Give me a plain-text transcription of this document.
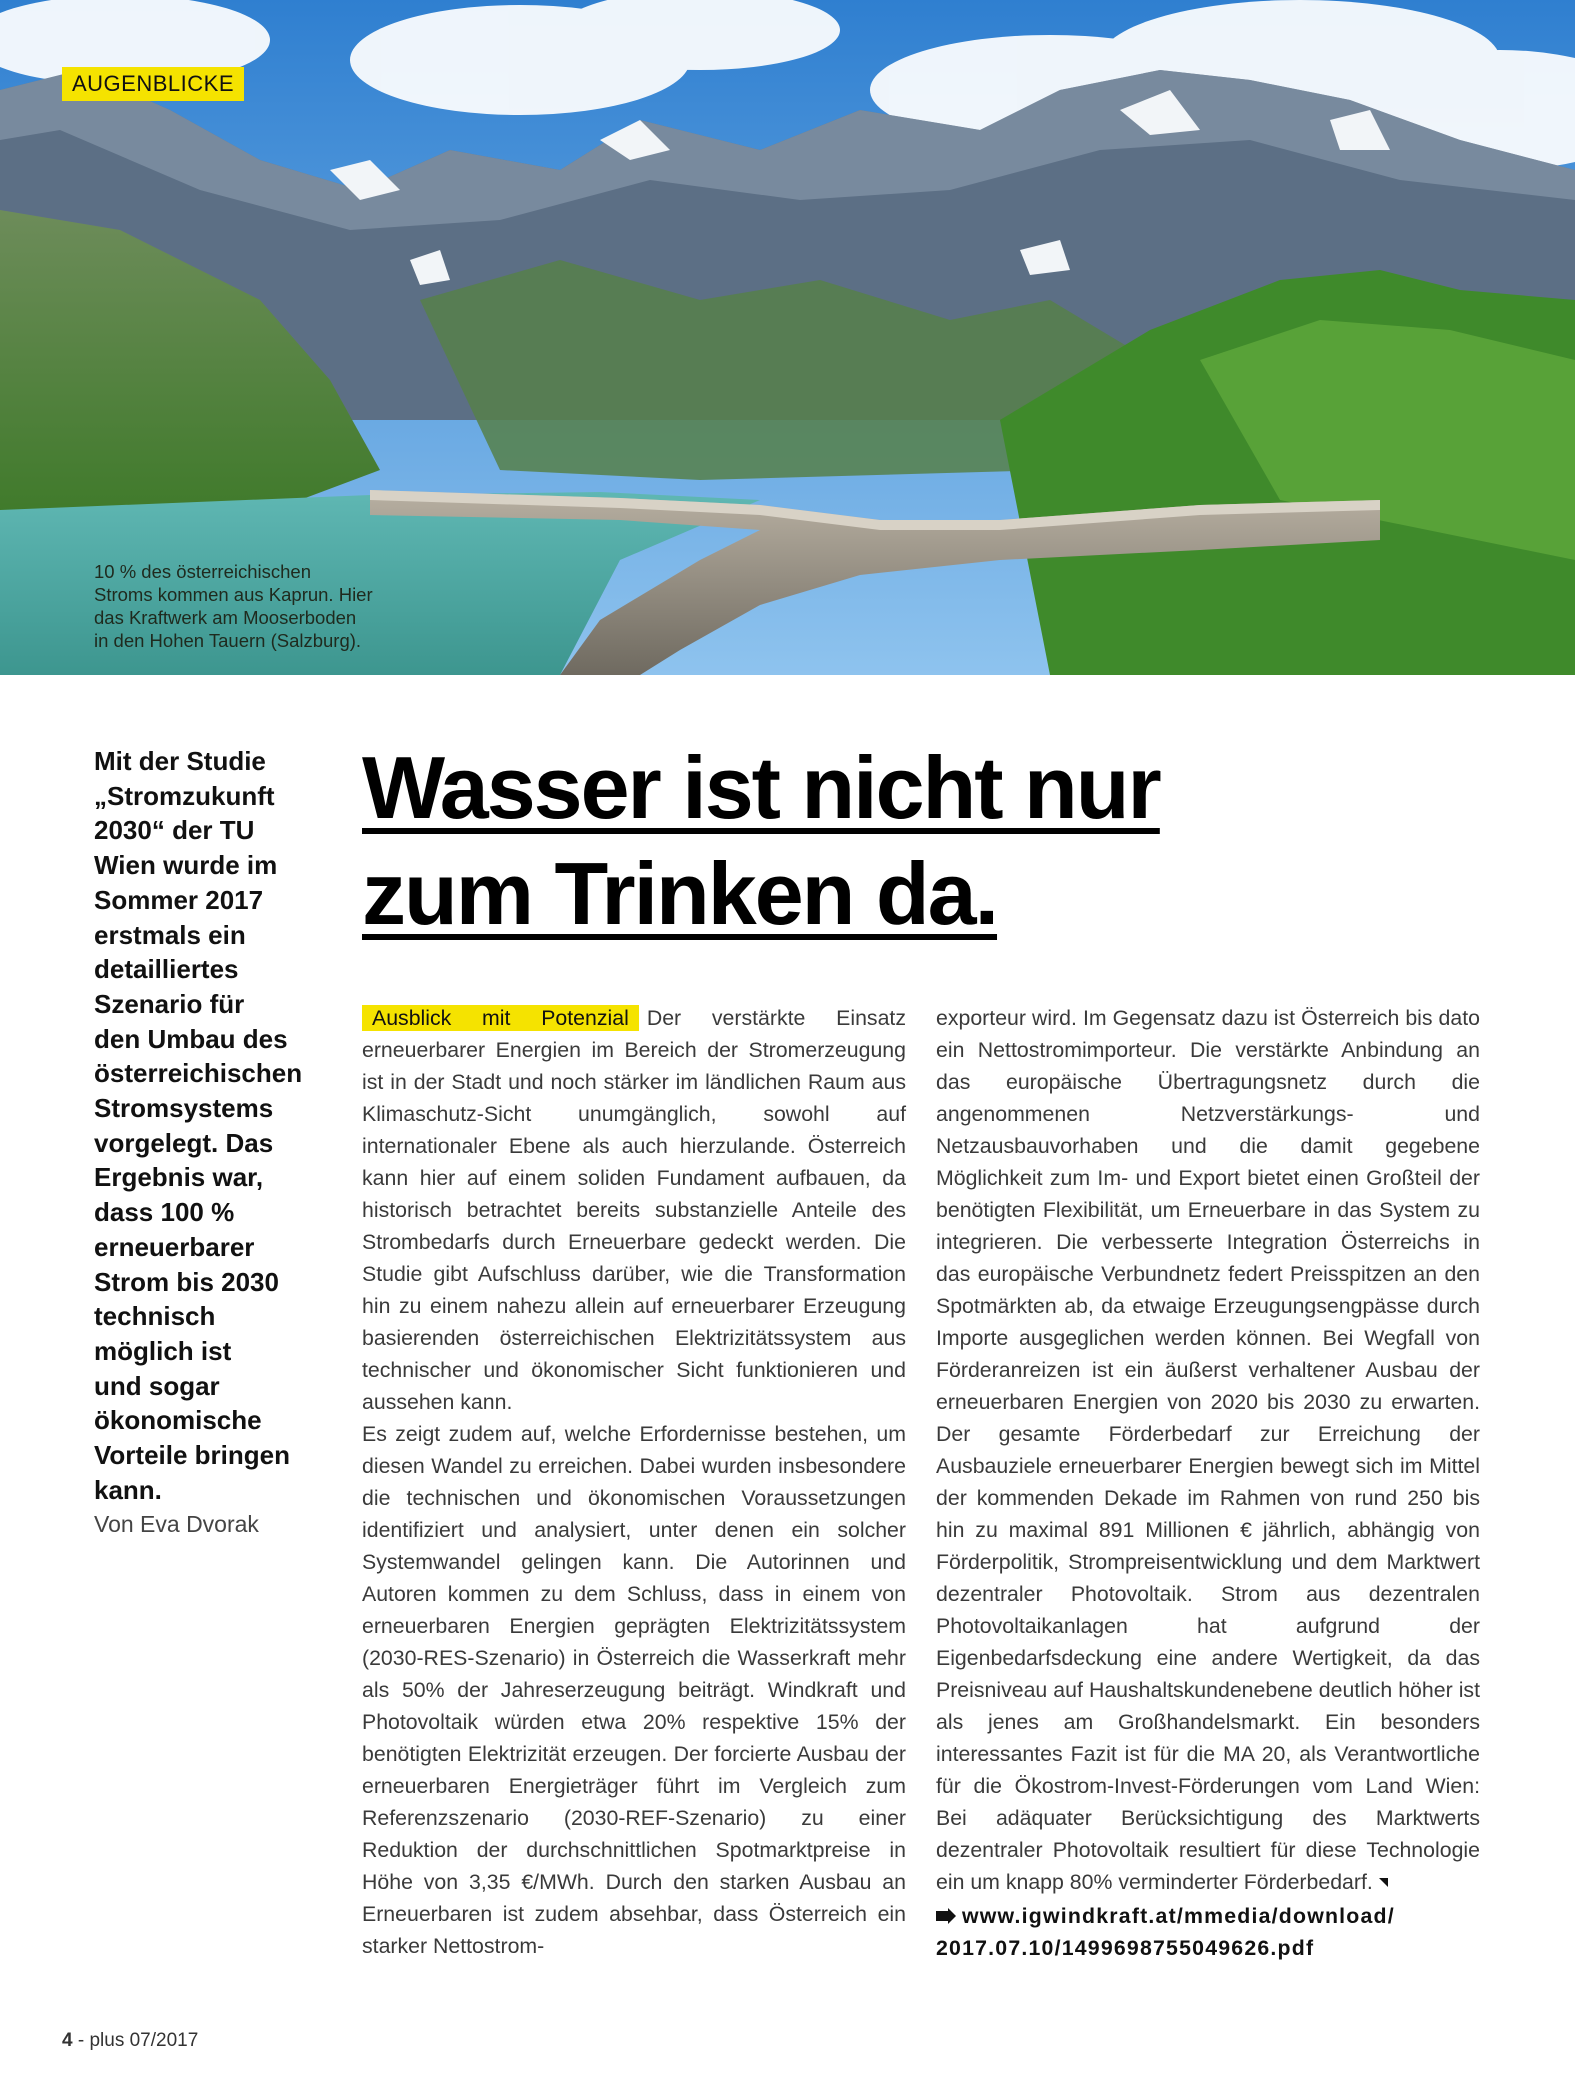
AUGENBLICKE
10 % des österreichischen
Stroms kommen aus Kaprun. Hier
das Kraftwerk am Mooserboden
in den Hohen Tauern (Salzburg).

Mit der Studie
„Stromzukunft
2030“ der TU
Wien wurde im
Sommer 2017
erstmals ein
detailliertes
Szenario für
den Umbau des
österreichischen
Stromsystems
vorgelegt. Das
Ergebnis war,
dass 100 %
erneuerbarer
Strom bis 2030
technisch
möglich ist
und sogar
ökonomische
Vorteile bringen
kann.

Von Eva Dvorak
Wasser ist nicht nur
zum Trinken da.

Ausblick mit Potenzial Der verstärkte Einsatz erneuerbarer Energien im Bereich der Stromerzeugung ist in der Stadt und noch stärker im ländlichen Raum aus Klimaschutz-Sicht unumgänglich, sowohl auf internationaler Ebene als auch hierzulande. Österreich kann hier auf einem soliden Fundament aufbauen, da historisch betrachtet bereits substanzielle Anteile des Strombedarfs durch Erneuerbare gedeckt werden. Die Studie gibt Aufschluss darüber, wie die Transformation hin zu einem nahezu allein auf erneuerbarer Erzeugung basierenden österreichischen Elektrizitätssystem aus technischer und ökonomischer Sicht funktionieren und aussehen kann.

Es zeigt zudem auf, welche Erfordernisse bestehen, um diesen Wandel zu erreichen. Dabei wurden insbesondere die technischen und ökonomischen Voraussetzungen identifiziert und analysiert, unter denen ein solcher Systemwandel gelingen kann. Die Autorinnen und Autoren kommen zu dem Schluss, dass in einem von erneuerbaren Energien geprägten Elektrizitätssystem (2030-RES-Szenario) in Österreich die Wasserkraft mehr als 50% der Jahreserzeugung beiträgt. Windkraft und Photovoltaik würden etwa 20% respektive 15% der benötigten Elektrizität erzeugen. Der forcierte Ausbau der erneuerbaren Energieträger führt im Vergleich zum Referenzszenario (2030-REF-Szenario) zu einer Reduktion der durchschnittlichen Spotmarktpreise in Höhe von 3,35 €/MWh. Durch den starken Ausbau an Erneuerbaren ist zudem absehbar, dass Österreich ein starker Nettostrom-

exporteur wird. Im Gegensatz dazu ist Österreich bis dato ein Nettostromimporteur. Die verstärkte Anbindung an das europäische Übertragungsnetz durch die angenommenen Netzverstärkungs- und Netzausbauvorhaben und die damit gegebene Möglichkeit zum Im- und Export bietet einen Großteil der benötigten Flexibilität, um Erneuerbare in das System zu integrieren. Die verbesserte Integration Österreichs in das europäische Verbundnetz federt Preisspitzen an den Spotmärkten ab, da etwaige Erzeugungsengpässe durch Importe ausgeglichen werden können. Bei Wegfall von Förderanreizen ist ein äußerst verhaltener Ausbau der erneuerbaren Energien von 2020 bis 2030 zu erwarten. Der gesamte Förderbedarf zur Erreichung der Ausbauziele erneuerbarer Energien bewegt sich im Mittel der kommenden Dekade im Rahmen von rund 250 bis hin zu maximal 891 Millionen € jährlich, abhängig von Förderpolitik, Strompreisentwicklung und dem Marktwert dezentraler Photovoltaik. Strom aus dezentralen Photovoltaikanlagen hat aufgrund der Eigenbedarfsdeckung eine andere Wertigkeit, da das Preisniveau auf Haushaltskundenebene deutlich höher ist als jenes am Großhandelsmarkt. Ein besonders interessantes Fazit ist für die MA 20, als Verantwortliche für die Ökostrom-Invest-Förderungen vom Land Wien: Bei adäquater Berücksichtigung des Marktwerts dezentraler Photovoltaik resultiert für diese Technologie ein um knapp 80% verminderter Förderbedarf.

www.igwindkraft.at/mmedia/download/
2017.07.10/1499698755049626.pdf
4 - plus 07/2017
